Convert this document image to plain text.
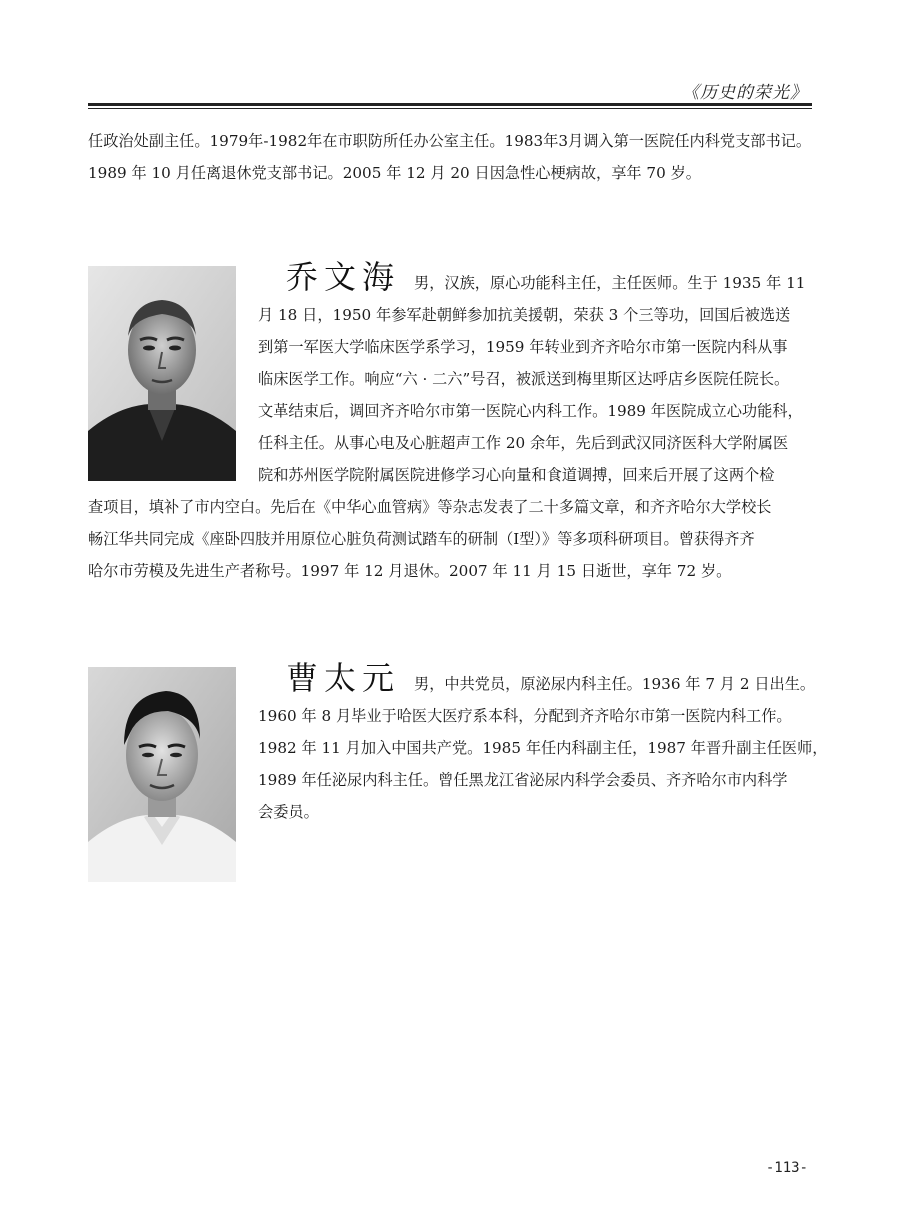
《历史的荣光》
任政治处副主任。1979年-1982年在市职防所任办公室主任。1983年3月调入第一医院任内科党支部书记。
1989 年 10 月任离退休党支部书记。2005 年 12 月 20 日因急性心梗病故，享年 70 岁。
乔文海 男，汉族，原心功能科主任，主任医师。生于 1935 年 11
月 18 日，1950 年参军赴朝鲜参加抗美援朝，荣获 3 个三等功，回国后被选送
到第一军医大学临床医学系学习，1959 年转业到齐齐哈尔市第一医院内科从事
临床医学工作。响应“六 · 二六”号召，被派送到梅里斯区达呼店乡医院任院长。
文革结束后，调回齐齐哈尔市第一医院心内科工作。1989 年医院成立心功能科，
任科主任。从事心电及心脏超声工作 20 余年，先后到武汉同济医科大学附属医
院和苏州医学院附属医院进修学习心向量和食道调搏，回来后开展了这两个检
查项目，填补了市内空白。先后在《中华心血管病》等杂志发表了二十多篇文章，和齐齐哈尔大学校长
畅江华共同完成《座卧四肢并用原位心脏负荷测试踏车的研制（Ⅰ型）》等多项科研项目。曾获得齐齐
哈尔市劳模及先进生产者称号。1997 年 12 月退休。2007 年 11 月 15 日逝世，享年 72 岁。
曹太元 男，中共党员，原泌尿内科主任。1936 年 7 月 2 日出生。
1960 年 8 月毕业于哈医大医疗系本科，分配到齐齐哈尔市第一医院内科工作。
1982 年 11 月加入中国共产党。1985 年任内科副主任，1987 年晋升副主任医师，
1989 年任泌尿内科主任。曾任黑龙江省泌尿内科学会委员、齐齐哈尔市内科学
会委员。
-113-
